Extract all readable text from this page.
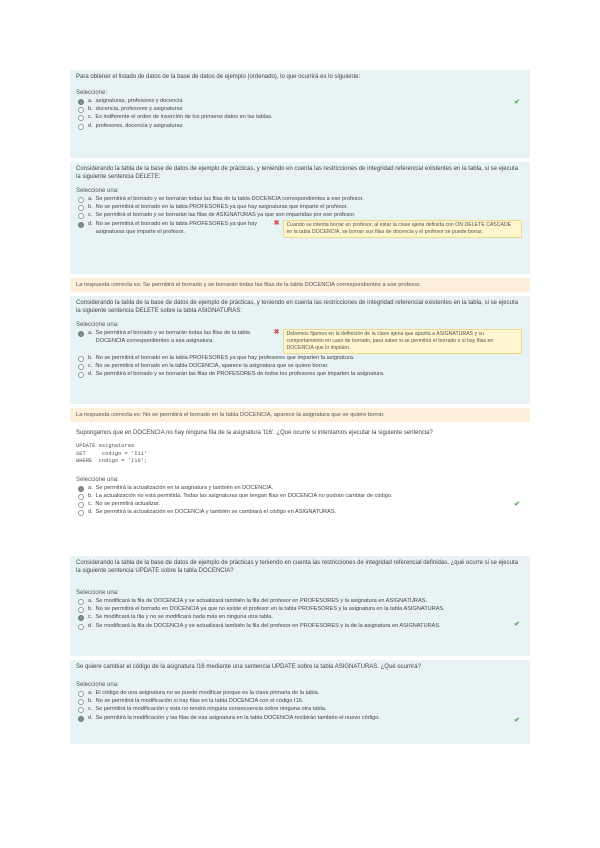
Para obtener el listado de datos de la base de datos de ejemplo (ordenado), lo que ocurrirá es lo siguiente:
Seleccione:
a. asignaturas, profesores y docencia	✔
b. docencia, profesores y asignaturas
c. Es indiferente el orden de inserción de los primeros datos en las tablas.
d. profesores, docencia y asignaturas
Considerando la tabla de la base de datos de ejemplo de prácticas, y teniendo en cuenta las restricciones de integridad referencial existentes en la tabla, si se ejecuta la siguiente sentencia DELETE:
Seleccione una:
a. Se permitirá el borrado y se borrarán todas las filas de la tabla DOCENCIA correspondientes a ese profesor.
b. No se permitirá el borrado en la tabla PROFESORES ya que hay asignaturas que imparte el profesor.
c. Se permitirá el borrado y se borrarán las filas de ASIGNATURAS ya que son impartidas por ese profesor.
d. No se permitirá el borrado en la tabla PROFESORES ya que hay asignaturas que imparte el profesor.
✖	Cuando se intenta borrar un profesor, al estar la clave ajena definida con ON DELETE CASCADE en la tabla DOCENCIA, se borran sus filas de docencia y el profesor se puede borrar.
La respuesta correcta es: Se permitirá el borrado y se borrarán todas las filas de la tabla DOCENCIA correspondientes a ese profesor.
Considerando la tabla de la base de datos de ejemplo de prácticas, y teniendo en cuenta las restricciones de integridad referencial existentes en la tabla, si se ejecuta la siguiente sentencia DELETE sobre la tabla ASIGNATURAS:
Seleccione una:
a. Se permitirá el borrado y se borrarán todas las filas de la tabla DOCENCIA correspondientes a esa asignatura.
✖	Debemos fijarnos en la definición de la clave ajena que apunta a ASIGNATURAS y su comportamiento en caso de borrado, para saber si se permitirá el borrado o si hay filas en DOCENCIA que lo impiden.
b. No se permitirá el borrado en la tabla PROFESORES ya que hay profesores que imparten la asignatura.
c. No se permitirá el borrado en la tabla DOCENCIA, aparece la asignatura que se quiere borrar.
d. Se permitirá el borrado y se borrarán las filas de PROFESORES de todos los profesores que imparten la asignatura.
La respuesta correcta es: No se permitirá el borrado en la tabla DOCENCIA, aparece la asignatura que se quiere borrar.
Supongamos que en DOCENCIA no hay ninguna fila de la asignatura 'I16'. ¿Qué ocurre si intentamos ejecutar la siguiente sentencia?
UPDATE asignaturas
SET     codigo = 'I11'
WHERE  codigo = 'I16';
Seleccione una:
a. Se permitirá la actualización en la asignatura y también en DOCENCIA.
✔
b. La actualización no está permitida. Todas las asignaturas que tengan filas en DOCENCIA no podrán cambiar de código.
c. No se permitirá actualizar.
d. Se permitirá la actualización en DOCENCIA y también se cambiará el código en ASIGNATURAS.
Considerando la tabla de la base de datos de ejemplo de prácticas y teniendo en cuenta las restricciones de integridad referencial definidas, ¿qué ocurre si se ejecuta la siguiente sentencia UPDATE sobre la tabla DOCENCIA?
Seleccione una:
a. Se modificará la fila de DOCENCIA y se actualizará también la fila del profesor en PROFESORES y la asignatura en ASIGNATURAS.
b. No se permitirá el borrado en DOCENCIA ya que no existe el profesor en la tabla PROFESORES y la asignatura en la tabla ASIGNATURAS.
c. Se modificará la fila y no se modificará nada más en ninguna otra tabla.
✔
d. Se modificará la fila de DOCENCIA y se actualizará también la fila del profesor en PROFESORES y la de la asignatura en ASIGNATURAS.
Se quiere cambiar el código de la asignatura I16 mediante una sentencia UPDATE sobre la tabla ASIGNATURAS. ¿Qué ocurrirá?
Seleccione una:
a. El código de una asignatura no se puede modificar porque es la clave primaria de la tabla.
b. No se permitirá la modificación si hay filas en la tabla DOCENCIA con el código I16.
c. Se permitirá la modificación y esta no tendrá ninguna consecuencia sobre ninguna otra tabla.
d. Se permitirá la modificación y las filas de esa asignatura en la tabla DOCENCIA recibirán también el nuevo código.	✔
